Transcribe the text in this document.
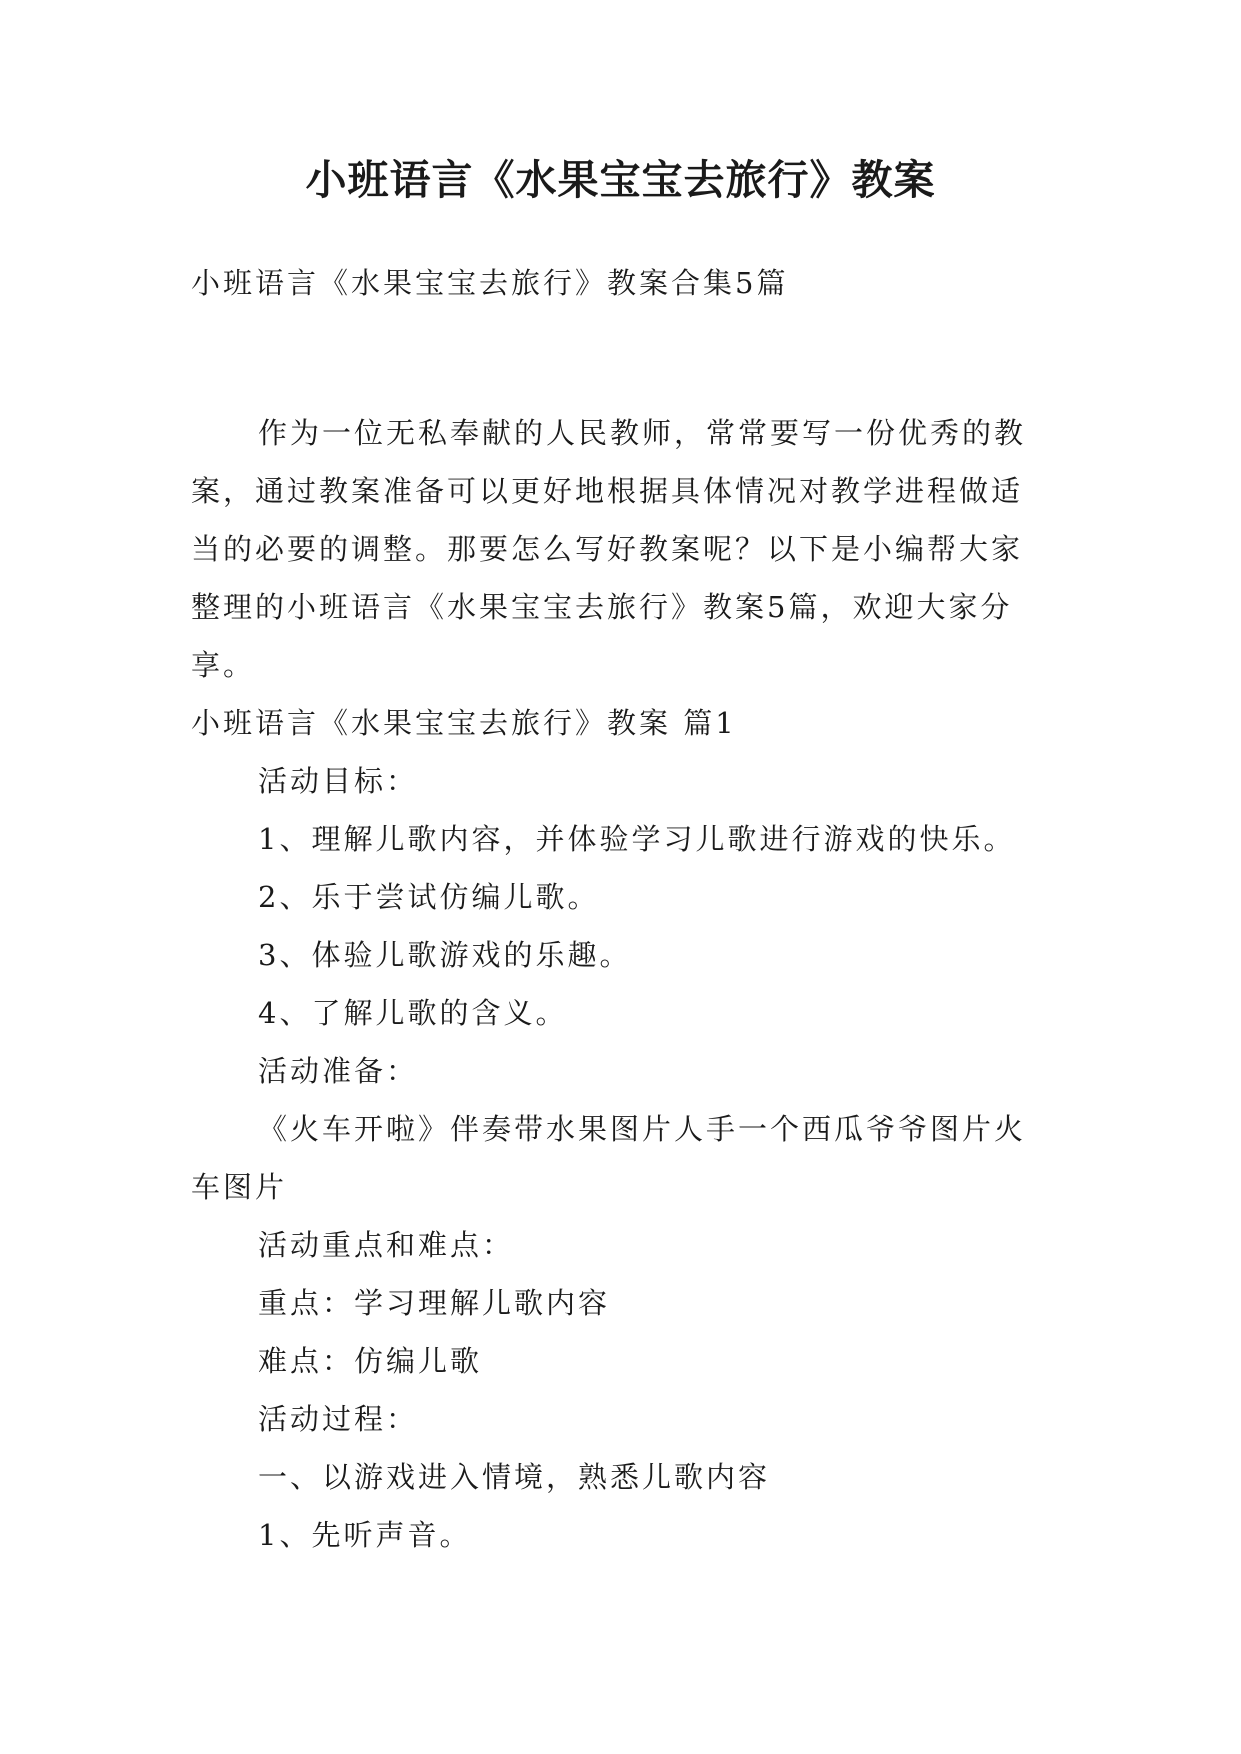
小班语言《水果宝宝去旅行》教案
小班语言《水果宝宝去旅行》教案合集5篇
作为一位无私奉献的人民教师，常常要写一份优秀的教
案，通过教案准备可以更好地根据具体情况对教学进程做适
当的必要的调整。那要怎么写好教案呢？以下是小编帮大家
整理的小班语言《水果宝宝去旅行》教案5篇，欢迎大家分
享。
小班语言《水果宝宝去旅行》教案 篇1
活动目标：
1、理解儿歌内容，并体验学习儿歌进行游戏的快乐。
2、乐于尝试仿编儿歌。
3、体验儿歌游戏的乐趣。
4、了解儿歌的含义。
活动准备：
《火车开啦》伴奏带水果图片人手一个西瓜爷爷图片火
车图片
活动重点和难点：
重点：学习理解儿歌内容
难点：仿编儿歌
活动过程：
一、以游戏进入情境，熟悉儿歌内容
1、先听声音。
